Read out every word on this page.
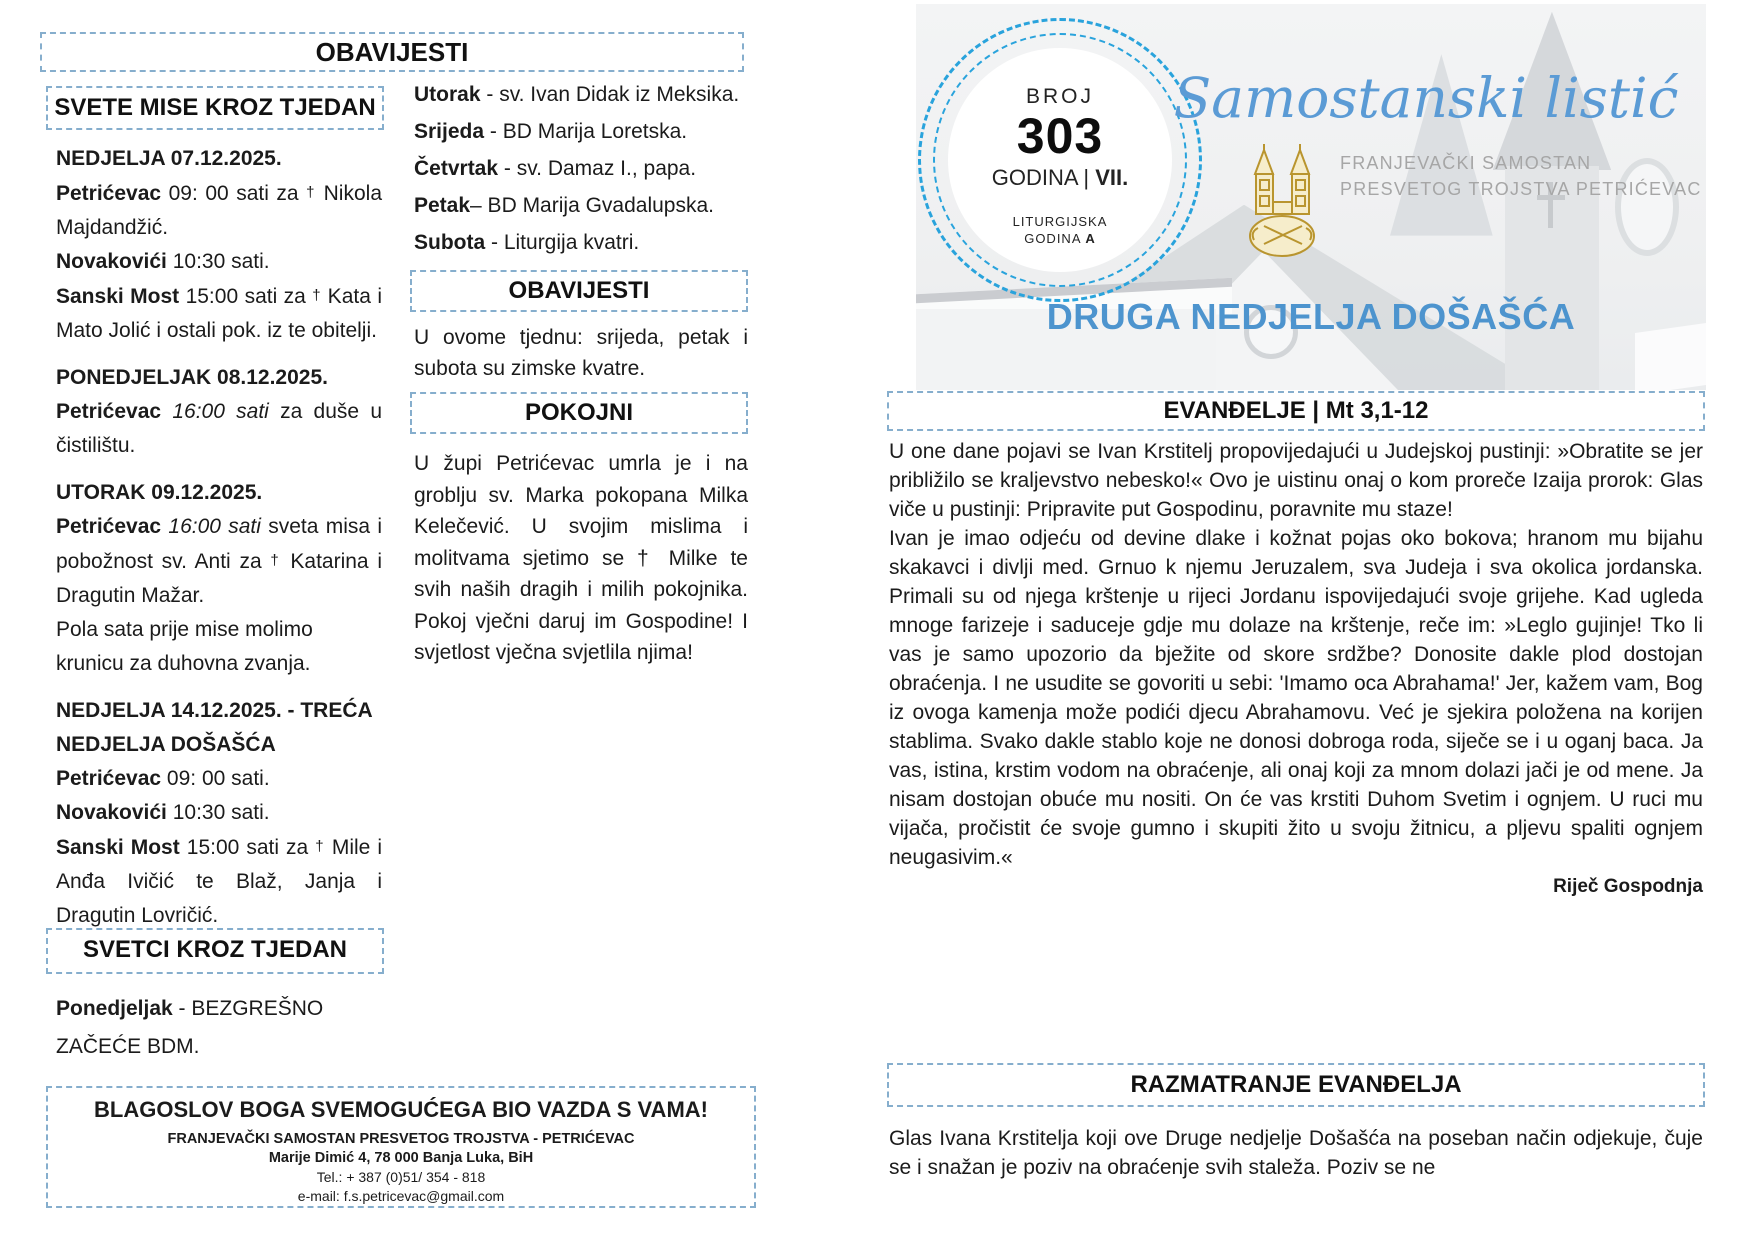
OBAVIJESTI
SVETE MISE KROZ TJEDAN

NEDJELJA 07.12.2025.

Petrićevac 09: 00 sati za † Nikola Majdandžić.

Novakovići 10:30 sati.

Sanski Most 15:00 sati za † Kata i Mato Jolić i ostali pok. iz te obitelji.

PONEDJELJAK 08.12.2025.

Petrićevac 16:00 sati za duše u čistilištu.

UTORAK 09.12.2025.

Petrićevac 16:00 sati sveta misa i pobožnost sv. Anti za † Katarina i Dragutin Mažar.

Pola sata prije mise molimo krunicu za duhovna zvanja.

NEDJELJA 14.12.2025. - TREĆA NEDJELJA DOŠAŠĆA

Petrićevac 09: 00 sati.

Novakovići 10:30 sati.

Sanski Most 15:00 sati za † Mile i Anđa Ivičić te Blaž, Janja i Dragutin Lovričić.

SVETCI KROZ TJEDAN

Ponedjeljak - BEZGREŠNO ZAČEĆE BDM.

Utorak - sv. Ivan Didak iz Meksika.

Srijeda - BD Marija Loretska.

Četvrtak - sv. Damaz I., papa.

Petak– BD Marija Gvadalupska.

Subota - Liturgija kvatri.

OBAVIJESTI

U ovome tjednu: srijeda, petak i subota su zimske kvatre.

POKOJNI

U župi Petrićevac umrla je i na groblju sv. Marka pokopana Milka Kelečević. U svojim mislima i molitvama sjetimo se † Milke te svih naših dragih i milih pokojnika. Pokoj vječni daruj im Gospodine! I svjetlost vječna svjetlila njima!

BLAGOSLOV BOGA SVEMOGUĆEGA BIO VAZDA S VAMA!
FRANJEVAČKI SAMOSTAN PRESVETOG TROJSTVA - PETRIĆEVAC
Marije Dimić 4, 78 000 Banja Luka, BiH
Tel.: + 387 (0)51/ 354 - 818
e-mail: f.s.petricevac@gmail.com
BROJ
303
GODINA | VII.
LITURGIJSKA
GODINA A
Samostanski listić
FRANJEVAČKI SAMOSTAN
PRESVETOG TROJSTVA PETRIĆEVAC
DRUGA NEDJELJA DOŠAŠĆA
EVANĐELJE | Mt 3,1-12

U one dane pojavi se Ivan Krstitelj propovijedajući u Judejskoj pustinji: »Obratite se jer približilo se kraljevstvo nebesko!« Ovo je uistinu onaj o kom proreče Izaija prorok: Glas viče u pustinji: Pripravite put Gospodinu, poravnite mu staze!

Ivan je imao odjeću od devine dlake i kožnat pojas oko bokova; hranom mu bijahu skakavci i divlji med. Grnuo k njemu Jeruzalem, sva Judeja i sva okolica jordanska. Primali su od njega krštenje u rijeci Jordanu ispovijedajući svoje grijehe. Kad ugleda mnoge farizeje i saduceje gdje mu dolaze na krštenje, reče im: »Leglo gujinje! Tko li vas je samo upozorio da bježite od skore srdžbe? Donosite dakle plod dostojan obraćenja. I ne usudite se govoriti u sebi: 'Imamo oca Abrahama!' Jer, kažem vam, Bog iz ovoga kamenja može podići djecu Abrahamovu. Već je sjekira položena na korijen stablima. Svako dakle stablo koje ne donosi dobroga roda, siječe se i u oganj baca. Ja vas, istina, krstim vodom na obraćenje, ali onaj koji za mnom dolazi jači je od mene. Ja nisam dostojan obuće mu nositi. On će vas krstiti Duhom Svetim i ognjem. U ruci mu vijača, pročistit će svoje gumno i skupiti žito u svoju žitnicu, a pljevu spaliti ognjem neugasivim.«

Riječ Gospodnja

RAZMATRANJE EVANĐELJA

Glas Ivana Krstitelja koji ove Druge nedjelje Došašća na poseban način odjekuje, čuje se i snažan je poziv na obraćenje svih staleža. Poziv se ne
